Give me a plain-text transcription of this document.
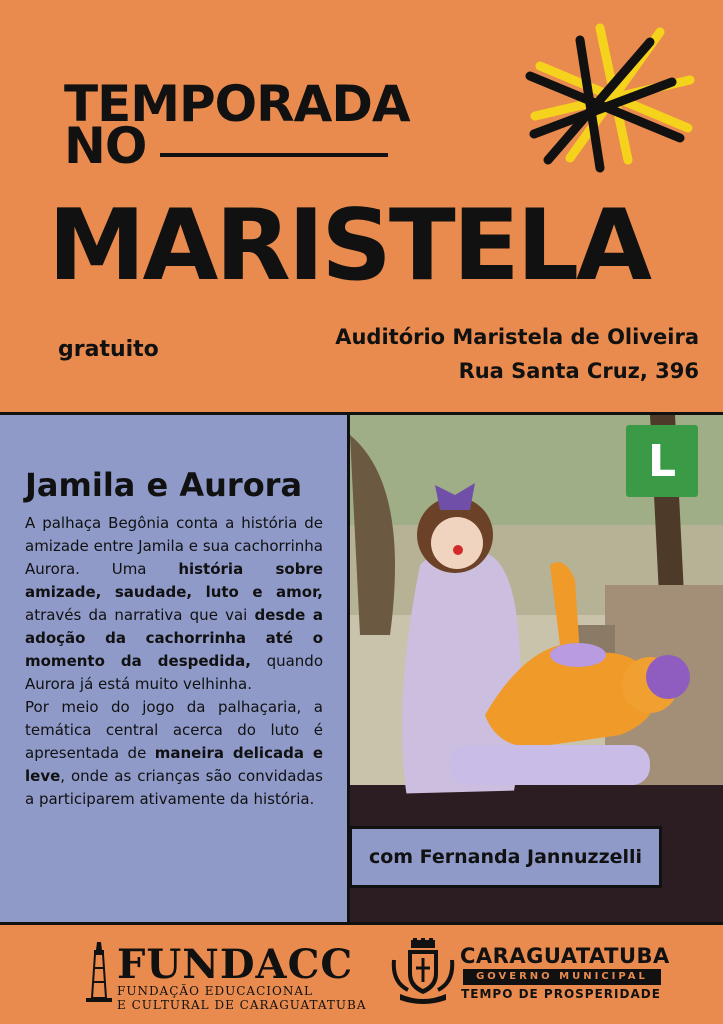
TEMPORADA
NO
MARISTELA
gratuito	Auditório Maristela de Oliveira
Rua Santa Cruz, 396
Jamila e Aurora

A palhaça Begônia conta a história de amizade entre Jamila e sua cachorrinha Aurora. Uma história sobre amizade, saudade, luto e amor, através da narrativa que vai desde a adoção da cachorrinha até o momento da despedida, quando Aurora já está muito velhinha.

Por meio do jogo da palhaçaria, a temática central acerca do luto é apresentada de maneira delicada e leve, onde as crianças são convidadas a participarem ativamente da história.

L
com Fernanda Jannuzzelli
FUNDACC
FUNDAÇÃO EDUCACIONAL
E CULTURAL DE CARAGUATATUBA
CARAGUATATUBA
GOVERNO MUNICIPAL
TEMPO DE PROSPERIDADE
